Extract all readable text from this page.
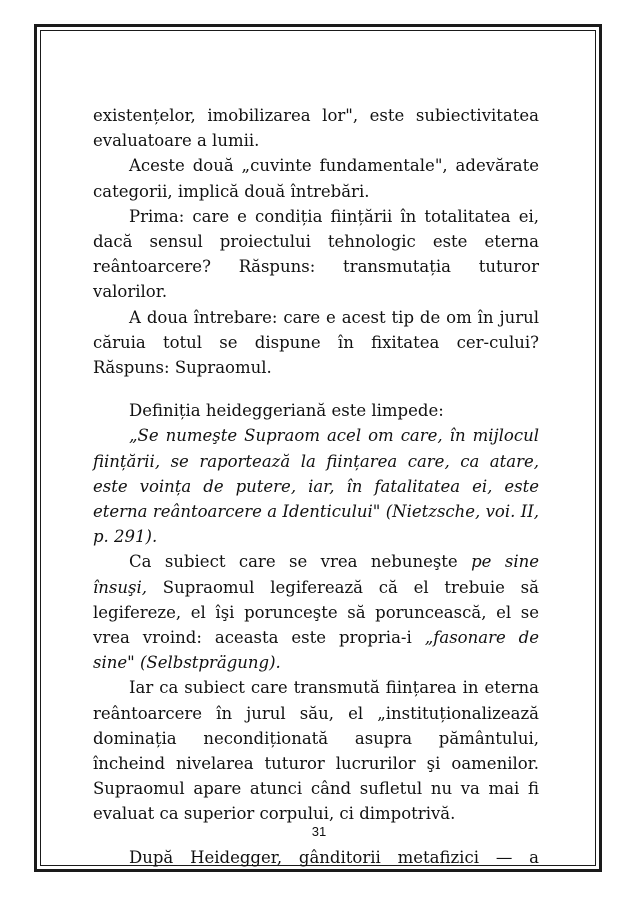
existențelor, imobilizarea lor", este subiectivitatea evaluatoare a lumii.

Aceste două „cuvinte fundamentale", adevărate categorii, implică două întrebări.

Prima: care e condiția ființării în totalitatea ei, dacă sensul proiectului tehnologic este eterna reântoarcere? Răspuns: transmutația tuturor valorilor.

A doua întrebare: care e acest tip de om în jurul căruia totul se dispune în fixitatea cer-cului? Răspuns: Supraomul.

Definiția heideggeriană este limpede:

„Se numeşte Supraom acel om care, în mijlocul ființării, se raportează la ființarea care, ca atare, este voința de putere, iar, în fatalitatea ei, este eterna reântoarcere a Identicului" (Nietzsche, voi. II, p. 291).

Ca subiect care se vrea nebuneşte pe sine însuşi, Supraomul legiferează că el trebuie să legifereze, el îşi porunceşte să poruncească, el se vrea vroind: aceasta este propria-i „fasonare de sine" (Selbstprägung).

Iar ca subiect care transmută ființarea in eterna reântoarcere în jurul său, el „instituționalizează dominația necondiționată asupra pământului, încheind nivelarea tuturor lucrurilor şi oamenilor. Supraomul apare atunci când sufletul nu va mai fi evaluat ca superior corpului, ci dimpotrivă.

După Heidegger, gânditorii metafizici — a

31
